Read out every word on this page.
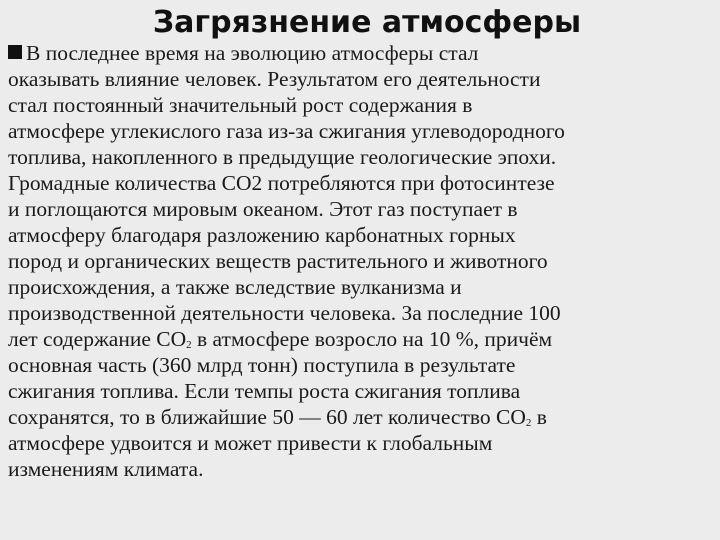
Загрязнение атмосферы
В последнее время на эволюцию атмосферы стал
оказывать влияние человек. Результатом его деятельности
стал постоянный значительный рост содержания в
атмосфере углекислого газа из-за сжигания углеводородного
топлива, накопленного в предыдущие геологические эпохи.
Громадные количества СО2 потребляются при фотосинтезе
и поглощаются мировым океаном. Этот газ поступает в
атмосферу благодаря разложению карбонатных горных
пород и органических веществ растительного и животного
происхождения, а также вследствие вулканизма и
производственной деятельности человека. За последние 100
лет содержание СО2 в атмосфере возросло на 10 %, причём
основная часть (360 млрд тонн) поступила в результате
сжигания топлива. Если темпы роста сжигания топлива
сохранятся, то в ближайшие 50 — 60 лет количество СО2 в
атмосфере удвоится и может привести к глобальным
изменениям климата.
